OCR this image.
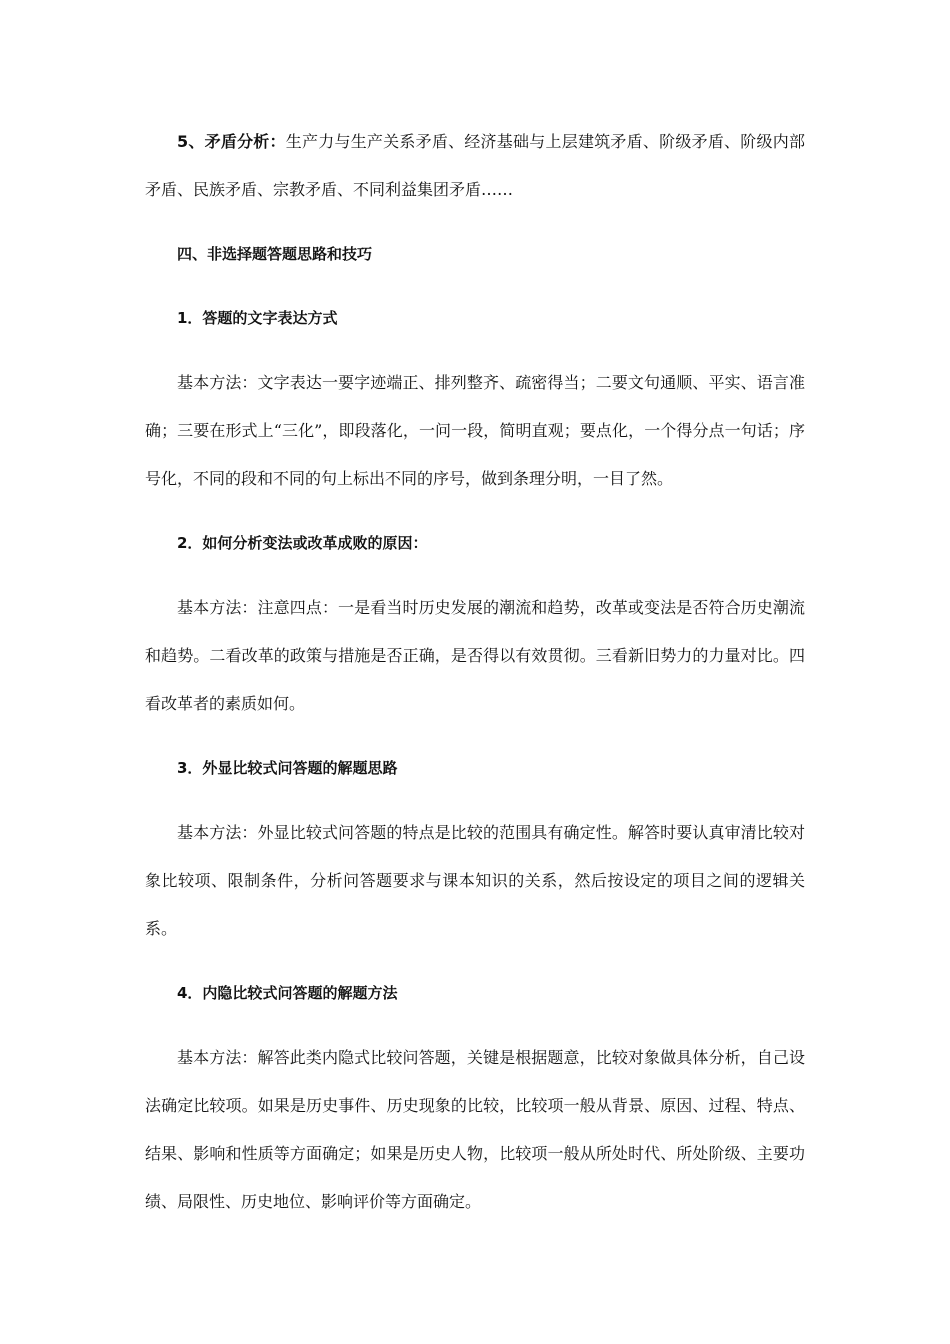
5、矛盾分析：生产力与生产关系矛盾、经济基础与上层建筑矛盾、阶级矛盾、阶级内部矛盾、民族矛盾、宗教矛盾、不同利益集团矛盾……

四、非选择题答题思路和技巧

1．答题的文字表达方式

基本方法：文字表达一要字迹端正、排列整齐、疏密得当；二要文句通顺、平实、语言准确；三要在形式上“三化”，即段落化，一问一段，简明直观；要点化，一个得分点一句话；序号化，不同的段和不同的句上标出不同的序号，做到条理分明，一目了然。

2．如何分析变法或改革成败的原因：

基本方法：注意四点：一是看当时历史发展的潮流和趋势，改革或变法是否符合历史潮流和趋势。二看改革的政策与措施是否正确，是否得以有效贯彻。三看新旧势力的力量对比。四看改革者的素质如何。

3．外显比较式问答题的解题思路

基本方法：外显比较式问答题的特点是比较的范围具有确定性。解答时要认真审清比较对象比较项、限制条件，分析问答题要求与课本知识的关系，然后按设定的项目之间的逻辑关系。

4．内隐比较式问答题的解题方法

基本方法：解答此类内隐式比较问答题，关键是根据题意，比较对象做具体分析，自己设法确定比较项。如果是历史事件、历史现象的比较，比较项一般从背景、原因、过程、特点、结果、影响和性质等方面确定；如果是历史人物，比较项一般从所处时代、所处阶级、主要功绩、局限性、历史地位、影响评价等方面确定。
